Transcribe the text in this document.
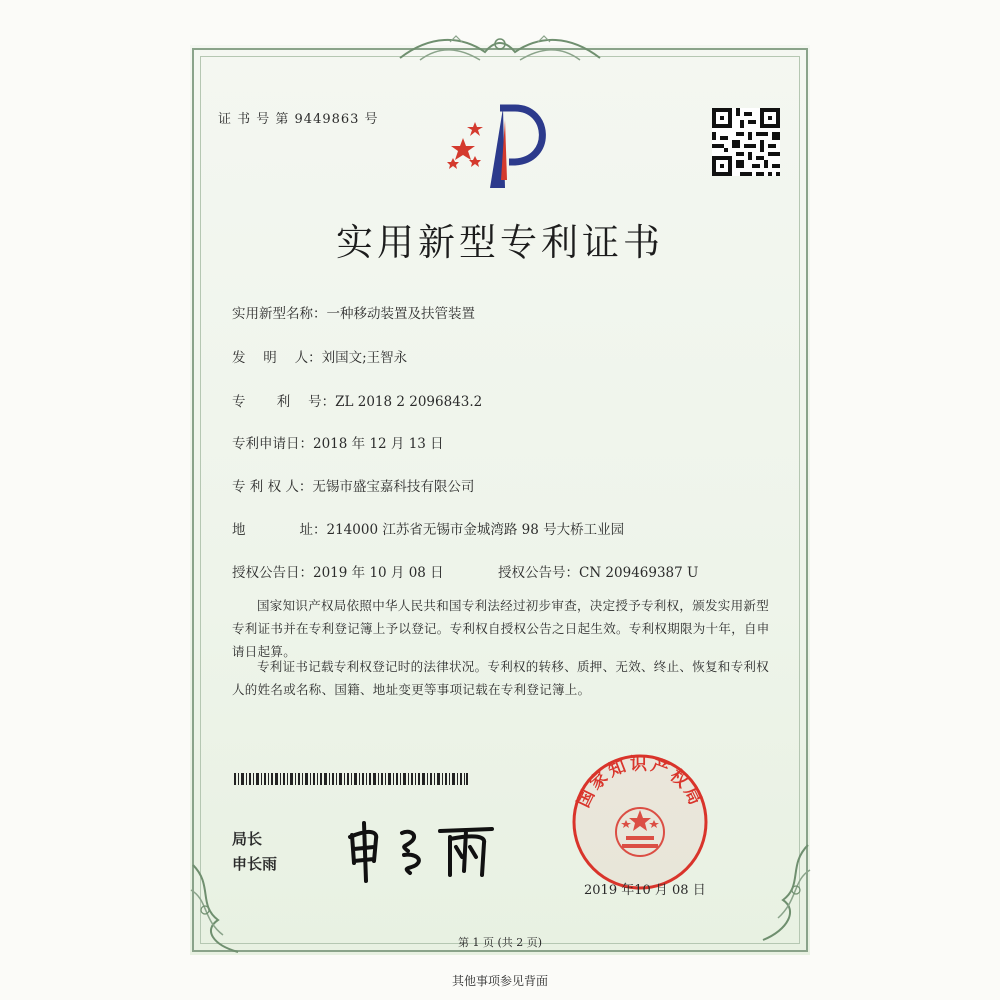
证 书 号 第 9449863 号
实用新型专利证书
实用新型名称：一种移动装置及扶管装置
发　 明　 人：刘国文;王智永
专　　 利　 号：ZL 2018 2 2096843.2
专利申请日：2018 年 12 月 13 日
专 利 权 人：无锡市盛宝嘉科技有限公司
地　　　　址：214000 江苏省无锡市金城湾路 98 号大桥工业园
授权公告日：2019 年 10 月 08 日	授权公告号：CN 209469387 U
国家知识产权局依照中华人民共和国专利法经过初步审查，决定授予专利权，颁发实用新型专利证书并在专利登记簿上予以登记。专利权自授权公告之日起生效。专利权期限为十年，自申请日起算。
专利证书记载专利权登记时的法律状况。专利权的转移、质押、无效、终止、恢复和专利权人的姓名或名称、国籍、地址变更等事项记载在专利登记簿上。
局长
申长雨
国家知识产权局
2019 年10 月 08 日
第 1 页 (共 2 页)
其他事项参见背面
